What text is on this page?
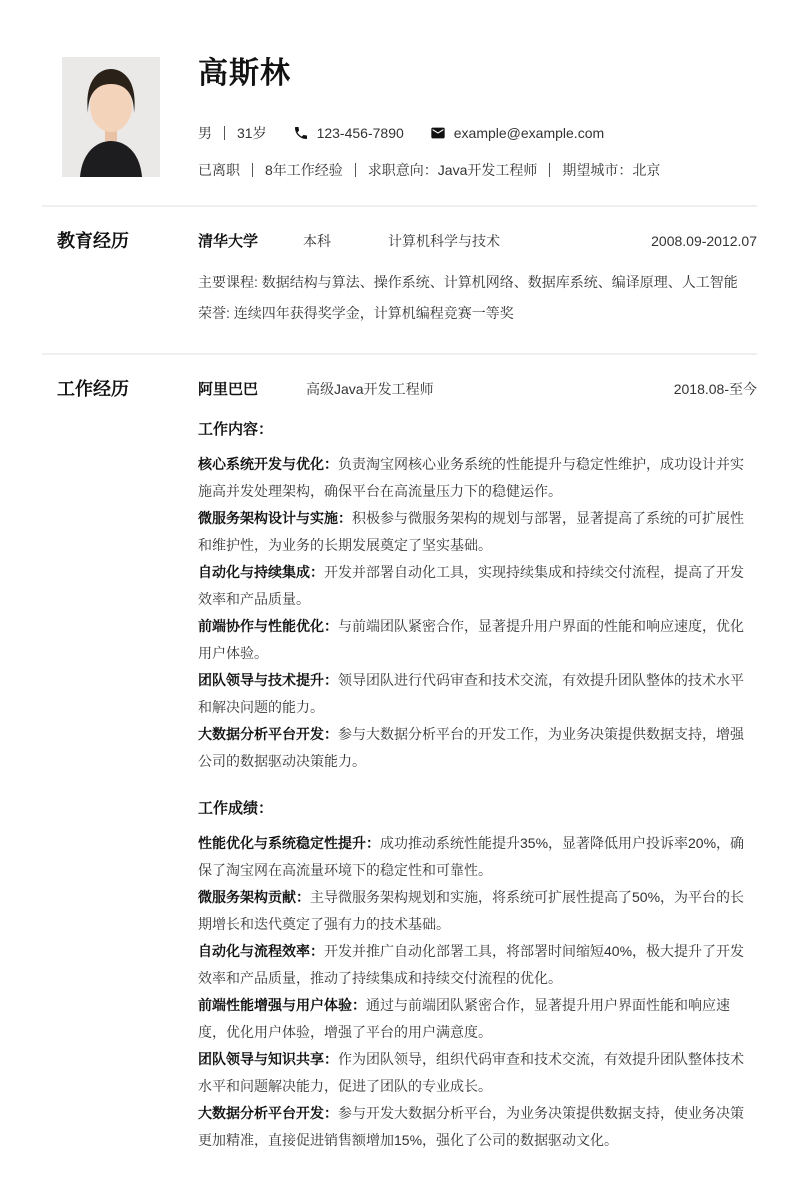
高斯林
男 31岁	123-456-7890	example@example.com
已离职 8年工作经验 求职意向：Java开发工程师 期望城市：北京
教育经历	清华大学	本科	计算机科学与技术	2008.09-2012.07
主要课程: 数据结构与算法、操作系统、计算机网络、数据库系统、编译原理、人工智能
荣誉: 连续四年获得奖学金，计算机编程竞赛一等奖
工作经历	阿里巴巴	高级Java开发工程师	2018.08-至今
工作内容：

核心系统开发与优化：负责淘宝网核心业务系统的性能提升与稳定性维护，成功设计并实施高并发处理架构，确保平台在高流量压力下的稳健运作。

微服务架构设计与实施：积极参与微服务架构的规划与部署，显著提高了系统的可扩展性和维护性，为业务的长期发展奠定了坚实基础。

自动化与持续集成：开发并部署自动化工具，实现持续集成和持续交付流程，提高了开发效率和产品质量。

前端协作与性能优化：与前端团队紧密合作，显著提升用户界面的性能和响应速度，优化用户体验。

团队领导与技术提升：领导团队进行代码审查和技术交流，有效提升团队整体的技术水平和解决问题的能力。

大数据分析平台开发：参与大数据分析平台的开发工作，为业务决策提供数据支持，增强公司的数据驱动决策能力。

工作成绩：

性能优化与系统稳定性提升：成功推动系统性能提升35%，显著降低用户投诉率20%，确保了淘宝网在高流量环境下的稳定性和可靠性。

微服务架构贡献：主导微服务架构规划和实施，将系统可扩展性提高了50%，为平台的长期增长和迭代奠定了强有力的技术基础。

自动化与流程效率：开发并推广自动化部署工具，将部署时间缩短40%，极大提升了开发效率和产品质量，推动了持续集成和持续交付流程的优化。

前端性能增强与用户体验：通过与前端团队紧密合作，显著提升用户界面性能和响应速度，优化用户体验，增强了平台的用户满意度。

团队领导与知识共享：作为团队领导，组织代码审查和技术交流，有效提升团队整体技术水平和问题解决能力，促进了团队的专业成长。

大数据分析平台开发：参与开发大数据分析平台，为业务决策提供数据支持，使业务决策更加精准，直接促进销售额增加15%，强化了公司的数据驱动文化。
